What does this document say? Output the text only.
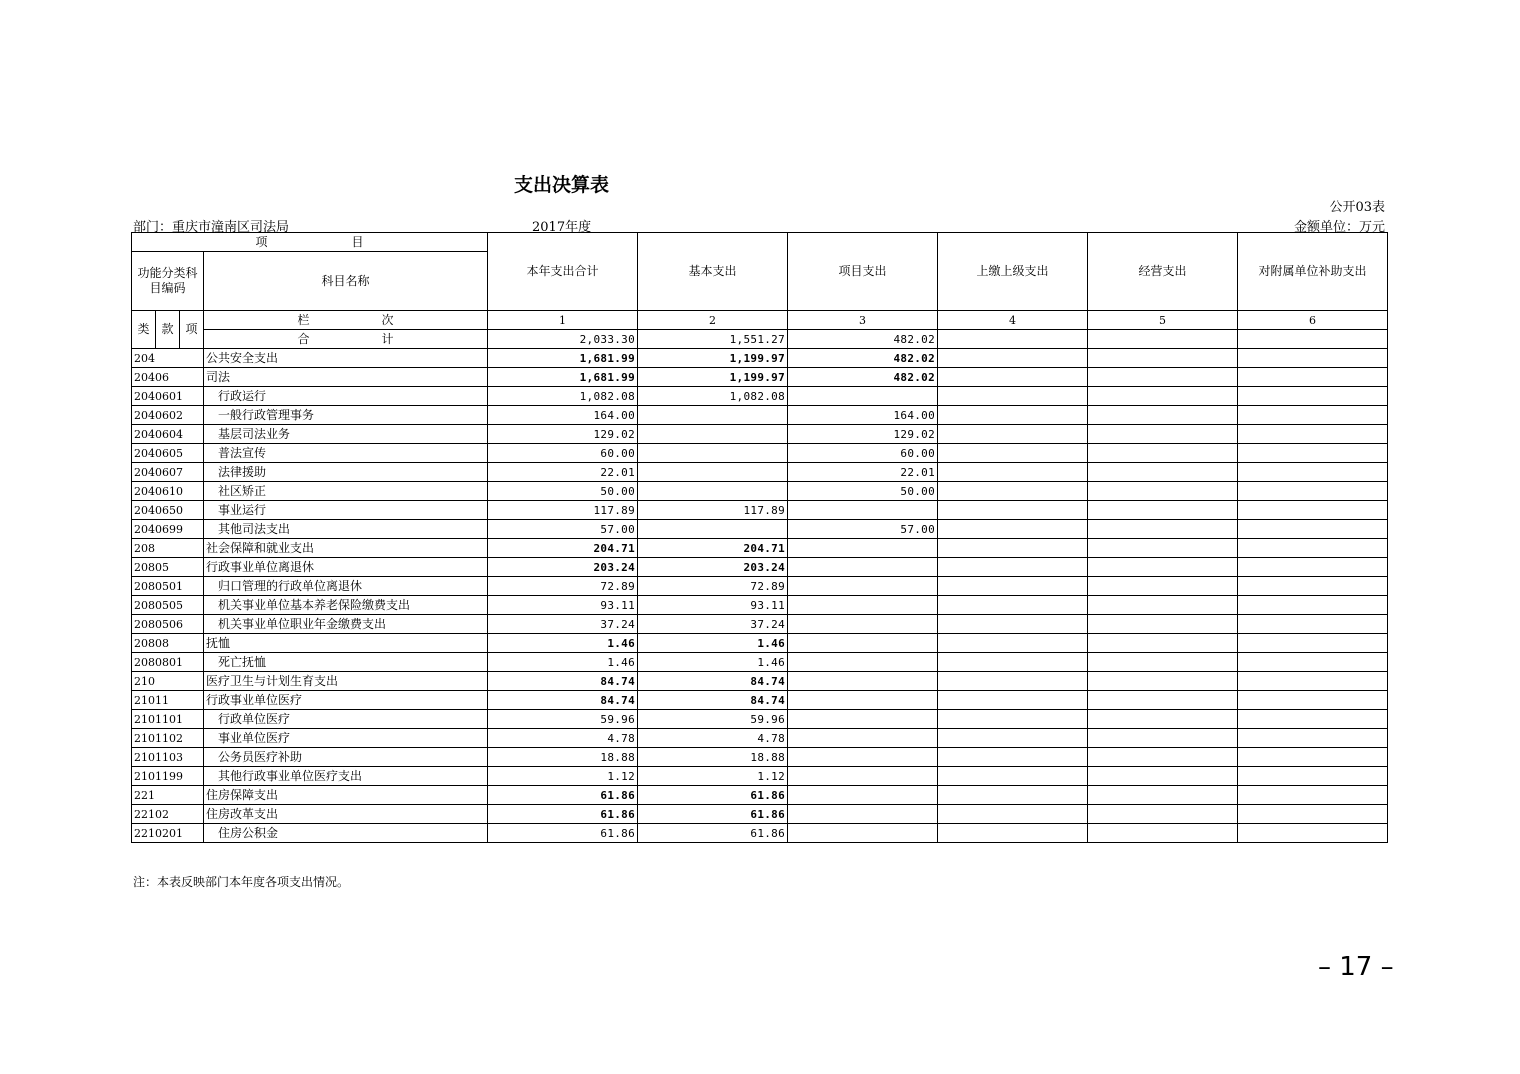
支出决算表
公开03表
部门：重庆市潼南区司法局	2017年度	金额单位：万元
项　　　　　　　目				本年支出合计	基本支出	项目支出	上缴上级支出	经营支出	对附属单位补助支出
功能分类科目编码			科目名称						
类	款	项	栏　　　　　　次	1	2	3	4	5	6
			合　　　　　　计	2,033.30	1,551.27	482.02			
204			公共安全支出	1,681.99	1,199.97	482.02			
20406			司法	1,681.99	1,199.97	482.02			
2040601			行政运行	1,082.08	1,082.08				
2040602			一般行政管理事务	164.00		164.00			
2040604			基层司法业务	129.02		129.02			
2040605			普法宣传	60.00		60.00			
2040607			法律援助	22.01		22.01			
2040610			社区矫正	50.00		50.00			
2040650			事业运行	117.89	117.89				
2040699			其他司法支出	57.00		57.00			
208			社会保障和就业支出	204.71	204.71				
20805			行政事业单位离退休	203.24	203.24				
2080501			归口管理的行政单位离退休	72.89	72.89				
2080505			机关事业单位基本养老保险缴费支出	93.11	93.11				
2080506			机关事业单位职业年金缴费支出	37.24	37.24				
20808			抚恤	1.46	1.46				
2080801			死亡抚恤	1.46	1.46				
210			医疗卫生与计划生育支出	84.74	84.74				
21011			行政事业单位医疗	84.74	84.74				
2101101			行政单位医疗	59.96	59.96				
2101102			事业单位医疗	4.78	4.78				
2101103			公务员医疗补助	18.88	18.88				
2101199			其他行政事业单位医疗支出	1.12	1.12				
221			住房保障支出	61.86	61.86				
22102			住房改革支出	61.86	61.86				
2210201			住房公积金	61.86	61.86				
注：本表反映部门本年度各项支出情况。
– 17 –
